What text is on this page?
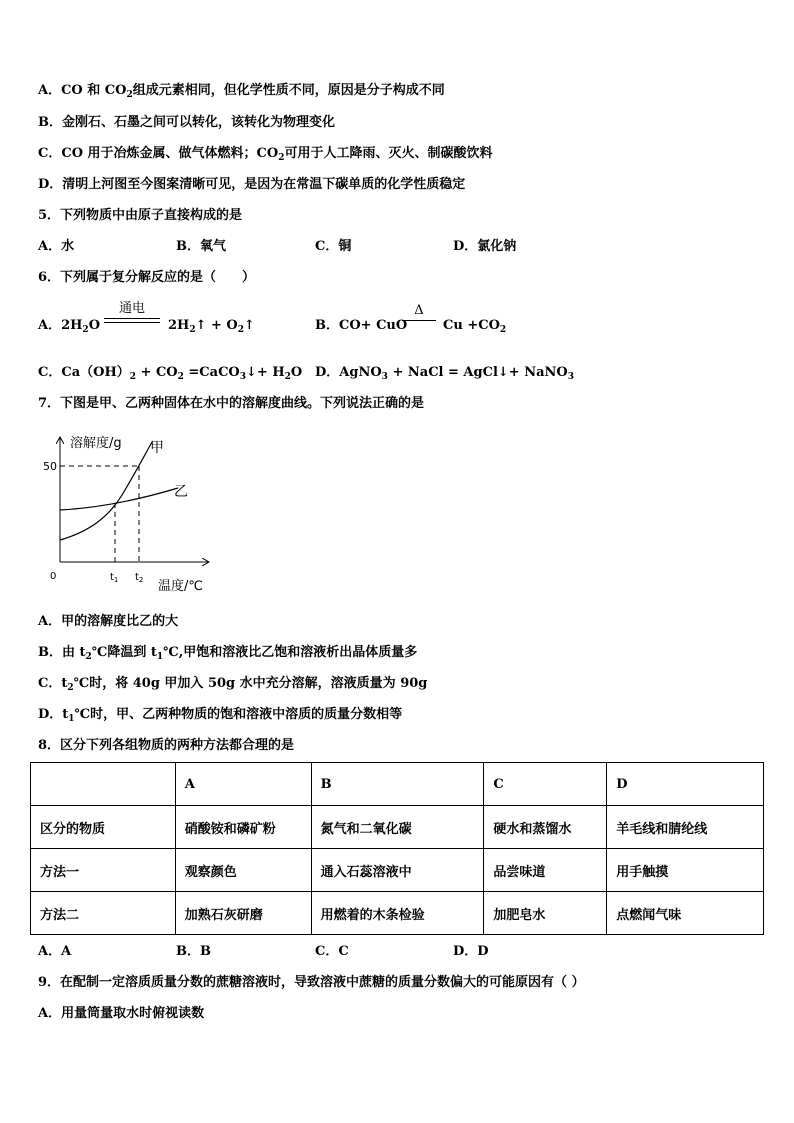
A．CO 和 $CO_2$组成元素相同，但化学性质不同，原因是分子构成不同
B．金刚石、石墨之间可以转化，该转化为物理变化
C．CO 用于冶炼金属、做气体燃料；$CO_2$可用于人工降雨、灭火、制碳酸饮料
D．清明上河图至今图案清晰可见，是因为在常温下碳单质的化学性质稳定
5．下列物质中由原子直接构成的是
A．水	B．氧气	C．铜	D．氯化钠
6．下列属于复分解反应的是（　　）
A．$2H_2O$
通电
$2H_2↑$ + $O_2↑$	B．CO+ CuO
Δ
$Cu +CO_2$
C．$Ca(OH)_2 + CO_2$ =CaCO$_3$↓+ $H_2O$ D．AgNO$_3$ + NaCl = AgCl↓+ NaNO$_3$
7．下图是甲、乙两种固体在水中的溶解度曲线。下列说法正确的是
溶解度/g
温度/℃
0
50
$t_1$ $t_2$
甲
乙
A．甲的溶解度比乙的大
B．由 $t_2℃$降温到 $t_1℃$,甲饱和溶液比乙饱和溶液析出晶体质量多
C．$t_2℃$时，将 40g 甲加入 50g 水中充分溶解，溶液质量为 90g
D．$t_1℃$时，甲、乙两种物质的饱和溶液中溶质的质量分数相等
8．区分下列各组物质的两种方法都合理的是
	A	B	C	D
区分的物质	硝酸铵和磷矿粉	氮气和二氧化碳	硬水和蒸馏水	羊毛线和腈纶线
方法一	观察颜色	通入石蕊溶液中	品尝味道	用手触摸
方法二	加熟石灰研磨	用燃着的木条检验	加肥皂水	点燃闻气味
A．A	B．B	C．C	D．D
9．在配制一定溶质质量分数的蔗糖溶液时，导致溶液中蔗糖的质量分数偏大的可能原因有（ ）
A．用量筒量取水时俯视读数
